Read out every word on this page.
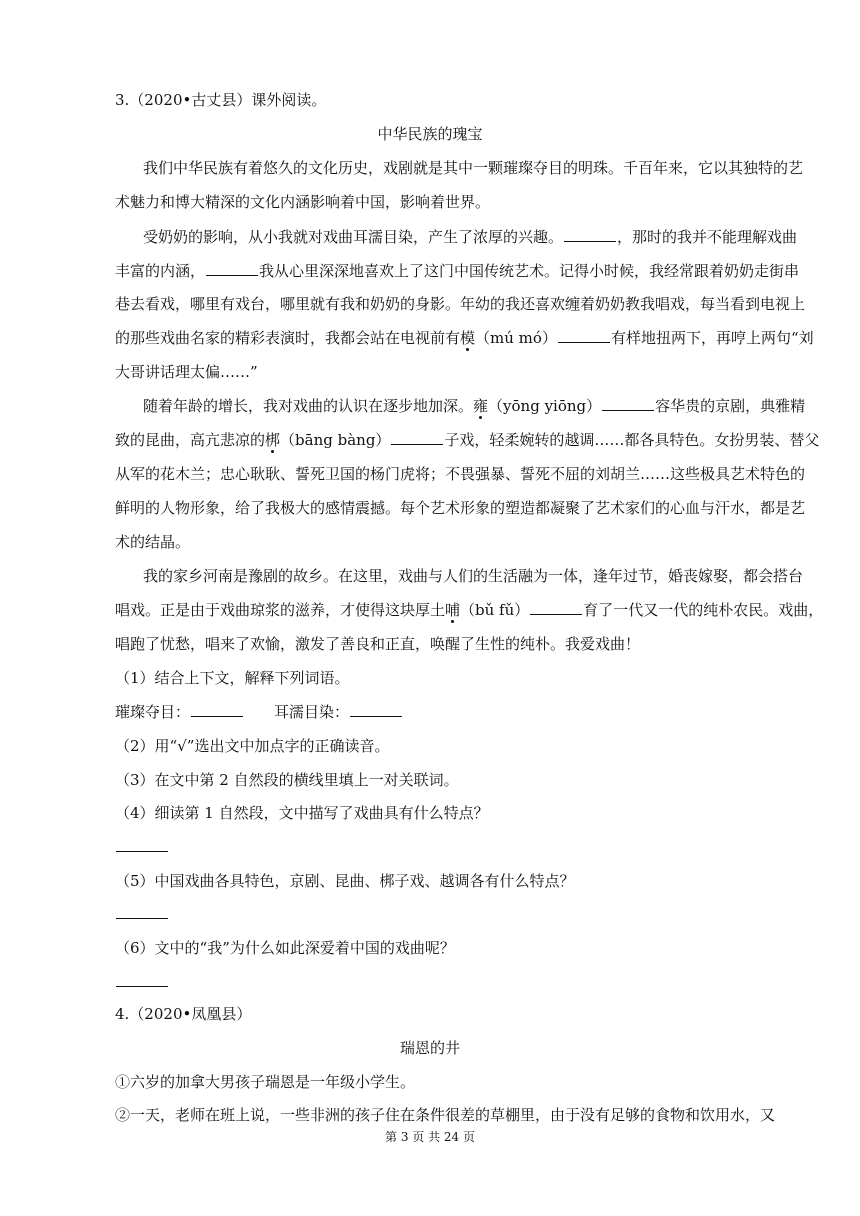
3.（2020•古丈县）课外阅读。
中华民族的瑰宝
我们中华民族有着悠久的文化历史，戏剧就是其中一颗璀璨夺目的明珠。千百年来，它以其独特的艺
术魅力和博大精深的文化内涵影响着中国，影响着世界。
受奶奶的影响，从小我就对戏曲耳濡目染，产生了浓厚的兴趣。	，那时的我并不能理解戏曲
丰富的内涵，	我从心里深深地喜欢上了这门中国传统艺术。记得小时候，我经常跟着奶奶走街串
巷去看戏，哪里有戏台，哪里就有我和奶奶的身影。年幼的我还喜欢缠着奶奶教我唱戏，每当看到电视上
的那些戏曲名家的精彩表演时，我都会站在电视前有模（mú mó）	有样地扭两下，再哼上两句“刘
大哥讲话理太偏……”
随着年龄的增长，我对戏曲的认识在逐步地加深。雍（yōng yiōng）	容华贵的京剧，典雅精
致的昆曲，高亢悲凉的梆（bāng bàng）	子戏，轻柔婉转的越调……都各具特色。女扮男装、替父
从军的花木兰；忠心耿耿、誓死卫国的杨门虎将；不畏强暴、誓死不屈的刘胡兰……这些极具艺术特色的
鲜明的人物形象，给了我极大的感情震撼。每个艺术形象的塑造都凝聚了艺术家们的心血与汗水，都是艺
术的结晶。
我的家乡河南是豫剧的故乡。在这里，戏曲与人们的生活融为一体，逢年过节，婚丧嫁娶，都会搭台
唱戏。正是由于戏曲琼浆的滋养，才使得这块厚土哺（bǔ fǔ）	育了一代又一代的纯朴农民。戏曲，
唱跑了忧愁，唱来了欢愉，激发了善良和正直，唤醒了生性的纯朴。我爱戏曲！
（1）结合上下文，解释下列词语。
璀璨夺目：	耳濡目染：
（2）用“√”选出文中加点字的正确读音。
（3）在文中第 2 自然段的横线里填上一对关联词。
（4）细读第 1 自然段，文中描写了戏曲具有什么特点？
（5）中国戏曲各具特色，京剧、昆曲、梆子戏、越调各有什么特点？
（6）文中的“我”为什么如此深爱着中国的戏曲呢？
4.（2020•凤凰县）
瑞恩的井
①六岁的加拿大男孩子瑞恩是一年级小学生。
②一天，老师在班上说，一些非洲的孩子住在条件很差的草棚里，由于没有足够的食物和饮用水，又
第 3 页 共 24 页
